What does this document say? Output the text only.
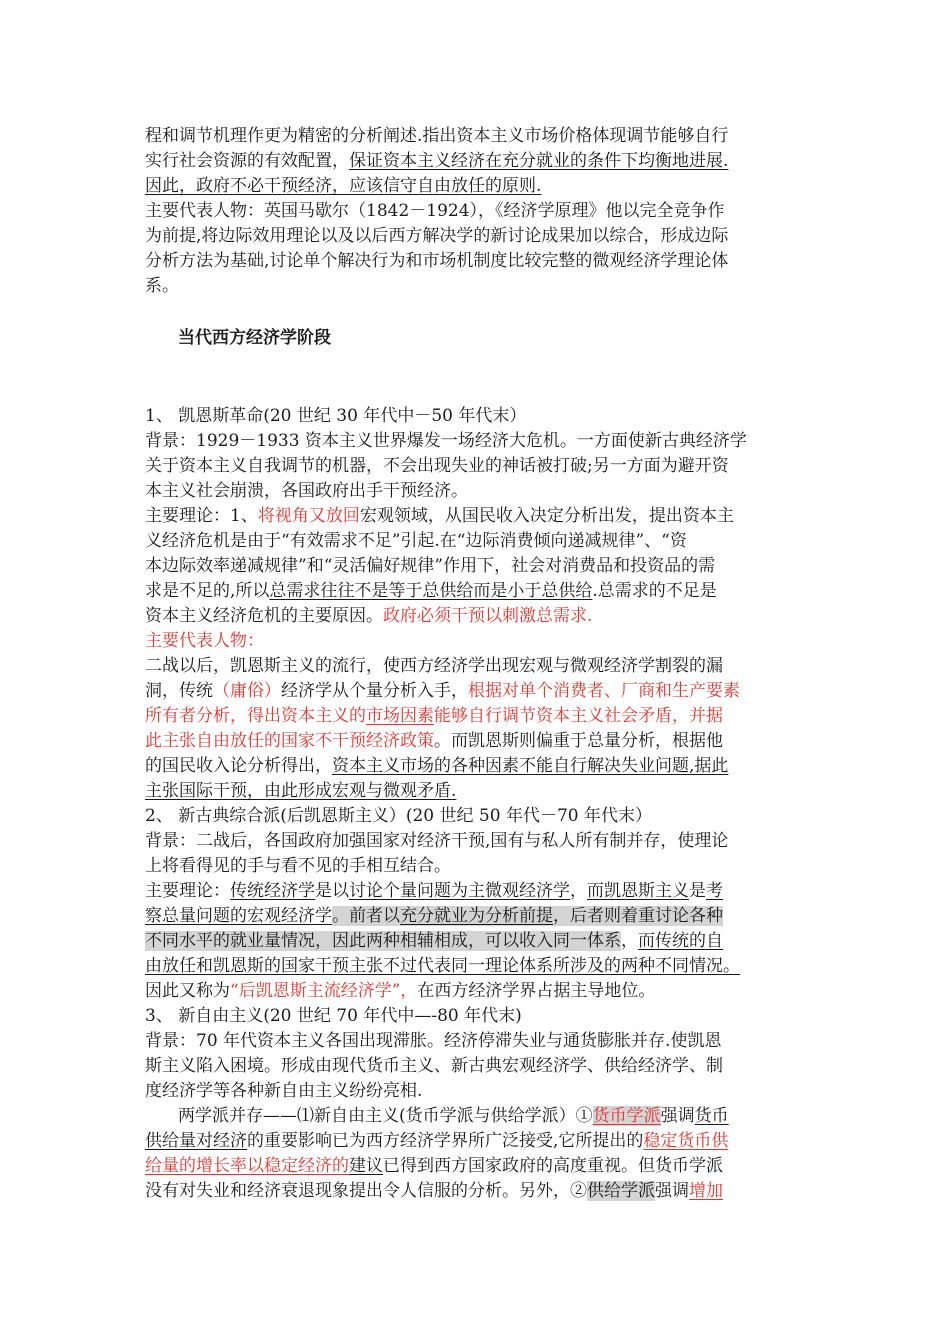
程和调节机理作更为精密的分析阐述.指出资本主义市场价格体现调节能够自行
实行社会资源的有效配置，保证资本主义经济在充分就业的条件下均衡地进展.
因此，政府不必干预经济，应该信守自由放任的原则.
主要代表人物：英国马歇尔（1842－1924），《经济学原理》他以完全竞争作
为前提,将边际效用理论以及以后西方解决学的新讨论成果加以综合，形成边际
分析方法为基础,讨论单个解决行为和市场机制度比较完整的微观经济学理论体
系。
当代西方经济学阶段
1、 凯恩斯革命(20 世纪 30 年代中－50 年代末）
背景：1929－1933 资本主义世界爆发一场经济大危机。一方面使新古典经济学
关于资本主义自我调节的机器，不会出现失业的神话被打破;另一方面为避开资
本主义社会崩溃，各国政府出手干预经济。
主要理论：1、将视角又放回宏观领域，从国民收入决定分析出发，提出资本主
义经济危机是由于“有效需求不足”引起.在“边际消费倾向递减规律”、“资
本边际效率递减规律”和“灵活偏好规律”作用下，社会对消费品和投资品的需
求是不足的,所以总需求往往不是等于总供给而是小于总供给.总需求的不足是
资本主义经济危机的主要原因。政府必须干预以刺激总需求.
主要代表人物：
二战以后，凯恩斯主义的流行，使西方经济学出现宏观与微观经济学割裂的漏
洞，传统（庸俗）经济学从个量分析入手，根据对单个消费者、厂商和生产要素
所有者分析，得出资本主义的市场因素能够自行调节资本主义社会矛盾，并据
此主张自由放任的国家不干预经济政策。而凯恩斯则偏重于总量分析，根据他
的国民收入论分析得出，资本主义市场的各种因素不能自行解决失业问题,据此
主张国际干预，由此形成宏观与微观矛盾.
2、 新古典综合派(后凯恩斯主义）(20 世纪 50 年代－70 年代末）
背景：二战后，各国政府加强国家对经济干预,国有与私人所有制并存，使理论
上将看得见的手与看不见的手相互结合。
主要理论：传统经济学是以讨论个量问题为主微观经济学，而凯恩斯主义是考
察总量问题的宏观经济学。前者以充分就业为分析前提，后者则着重讨论各种
不同水平的就业量情况，因此两种相辅相成，可以收入同一体系，而传统的自
由放任和凯恩斯的国家干预主张不过代表同一理论体系所涉及的两种不同情况。
因此又称为“后凯恩斯主流经济学”，在西方经济学界占据主导地位。
3、 新自由主义(20 世纪 70 年代中—-80 年代末)
背景：70 年代资本主义各国出现滞胀。经济停滞失业与通货膨胀并存.使凯恩
斯主义陷入困境。形成由现代货币主义、新古典宏观经济学、供给经济学、制
度经济学等各种新自由主义纷纷亮相.
两学派并存——⑴新自由主义(货币学派与供给学派）①货币学派强调货币
供给量对经济的重要影响已为西方经济学界所广泛接受,它所提出的稳定货币供
给量的增长率以稳定经济的建议已得到西方国家政府的高度重视。但货币学派
没有对失业和经济衰退现象提出令人信服的分析。另外，②供给学派强调增加
